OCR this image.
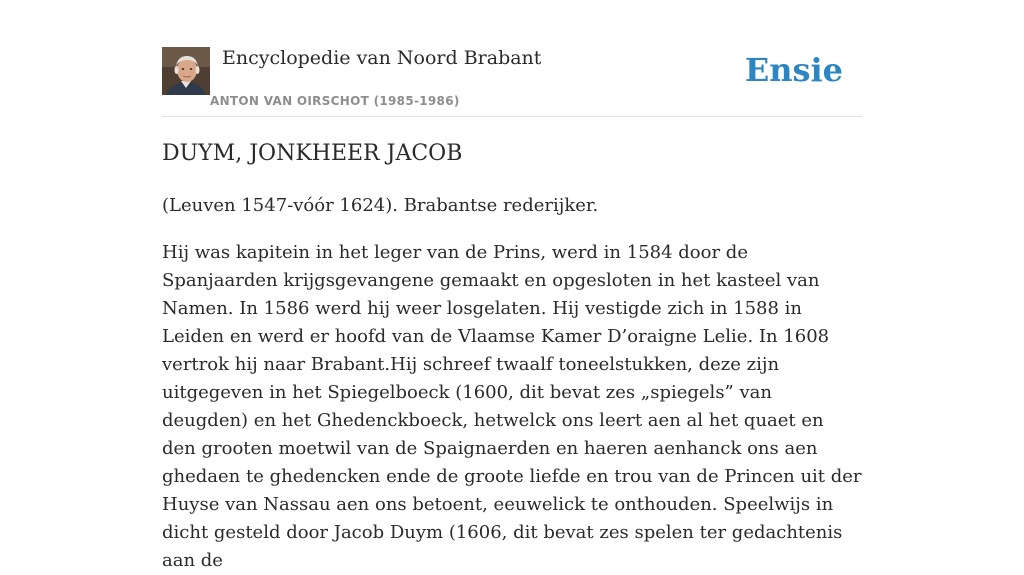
Encyclopedie van Noord Brabant
ANTON VAN OIRSCHOT (1985-1986)
Ensie
DUYM, JONKHEER JACOB

(Leuven 1547-vóór 1624). Brabantse rederijker.

Hij was kapitein in het leger van de Prins, werd in 1584 door de Spanjaarden krijgsgevangene gemaakt en opgesloten in het kasteel van Namen. In 1586 werd hij weer losgelaten. Hij vestigde zich in 1588 in Leiden en werd er hoofd van de Vlaamse Kamer D’oraigne Lelie. In 1608 vertrok hij naar Brabant.Hij schreef twaalf toneelstukken, deze zijn uitgegeven in het Spiegelboeck (1600, dit bevat zes „spiegels” van deugden) en het Ghedenckboeck, hetwelck ons leert aen al het quaet en den grooten moetwil van de Spaignaerden en haeren aenhanck ons aen ghedaen te ghedencken ende de groote liefde en trou van de Princen uit der Huyse van Nassau aen ons betoent, eeuwelick te onthouden. Speelwijs in dicht gesteld door Jacob Duym (1606, dit bevat zes spelen ter gedachtenis aan de
